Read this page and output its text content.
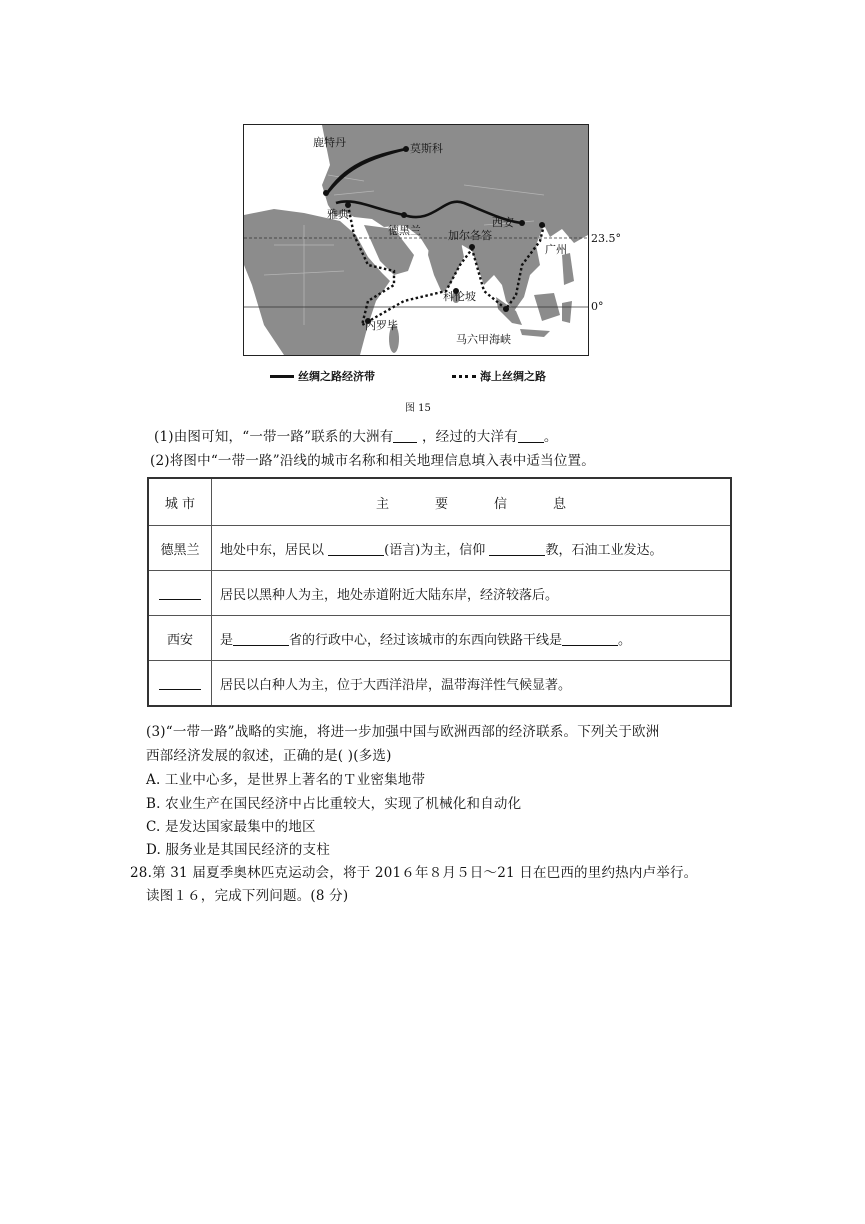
鹿特丹	莫斯科
雅典
德黑兰
西安
加尔各答
广州
科伦坡
内罗毕
马六甲海峡
23.5°
0°
丝绸之路经济带	海上丝绸之路
图 15
(1)由图可知，“一带一路”联系的大洲有 ，经过的大洋有 。
(2)将图中“一带一路”沿线的城市名称和相关地理信息填入表中适当位置。
城 市	主要信息
德黑兰	地处中东，居民以 (语言)为主，信仰 教，石油工业发达。
	居民以黑种人为主，地处赤道附近大陆东岸，经济较落后。
西安	是 省的行政中心，经过该城市的东西向铁路干线是 。
	居民以白种人为主，位于大西洋沿岸，温带海洋性气候显著。
(3)“一带一路”战略的实施，将进一步加强中国与欧洲西部的经济联系。下列关于欧洲
西部经济发展的叙述，正确的是( )(多选)
A. 工业中心多，是世界上著名的Ｔ业密集地带
B. 农业生产在国民经济中占比重较大，实现了机械化和自动化
C. 是发达国家最集中的地区
D. 服务业是其国民经济的支柱
28.第 31 届夏季奥林匹克运动会，将于 201６年８月５日～21 日在巴西的里约热内卢举行。
读图１６，完成下列问题。(8 分)
